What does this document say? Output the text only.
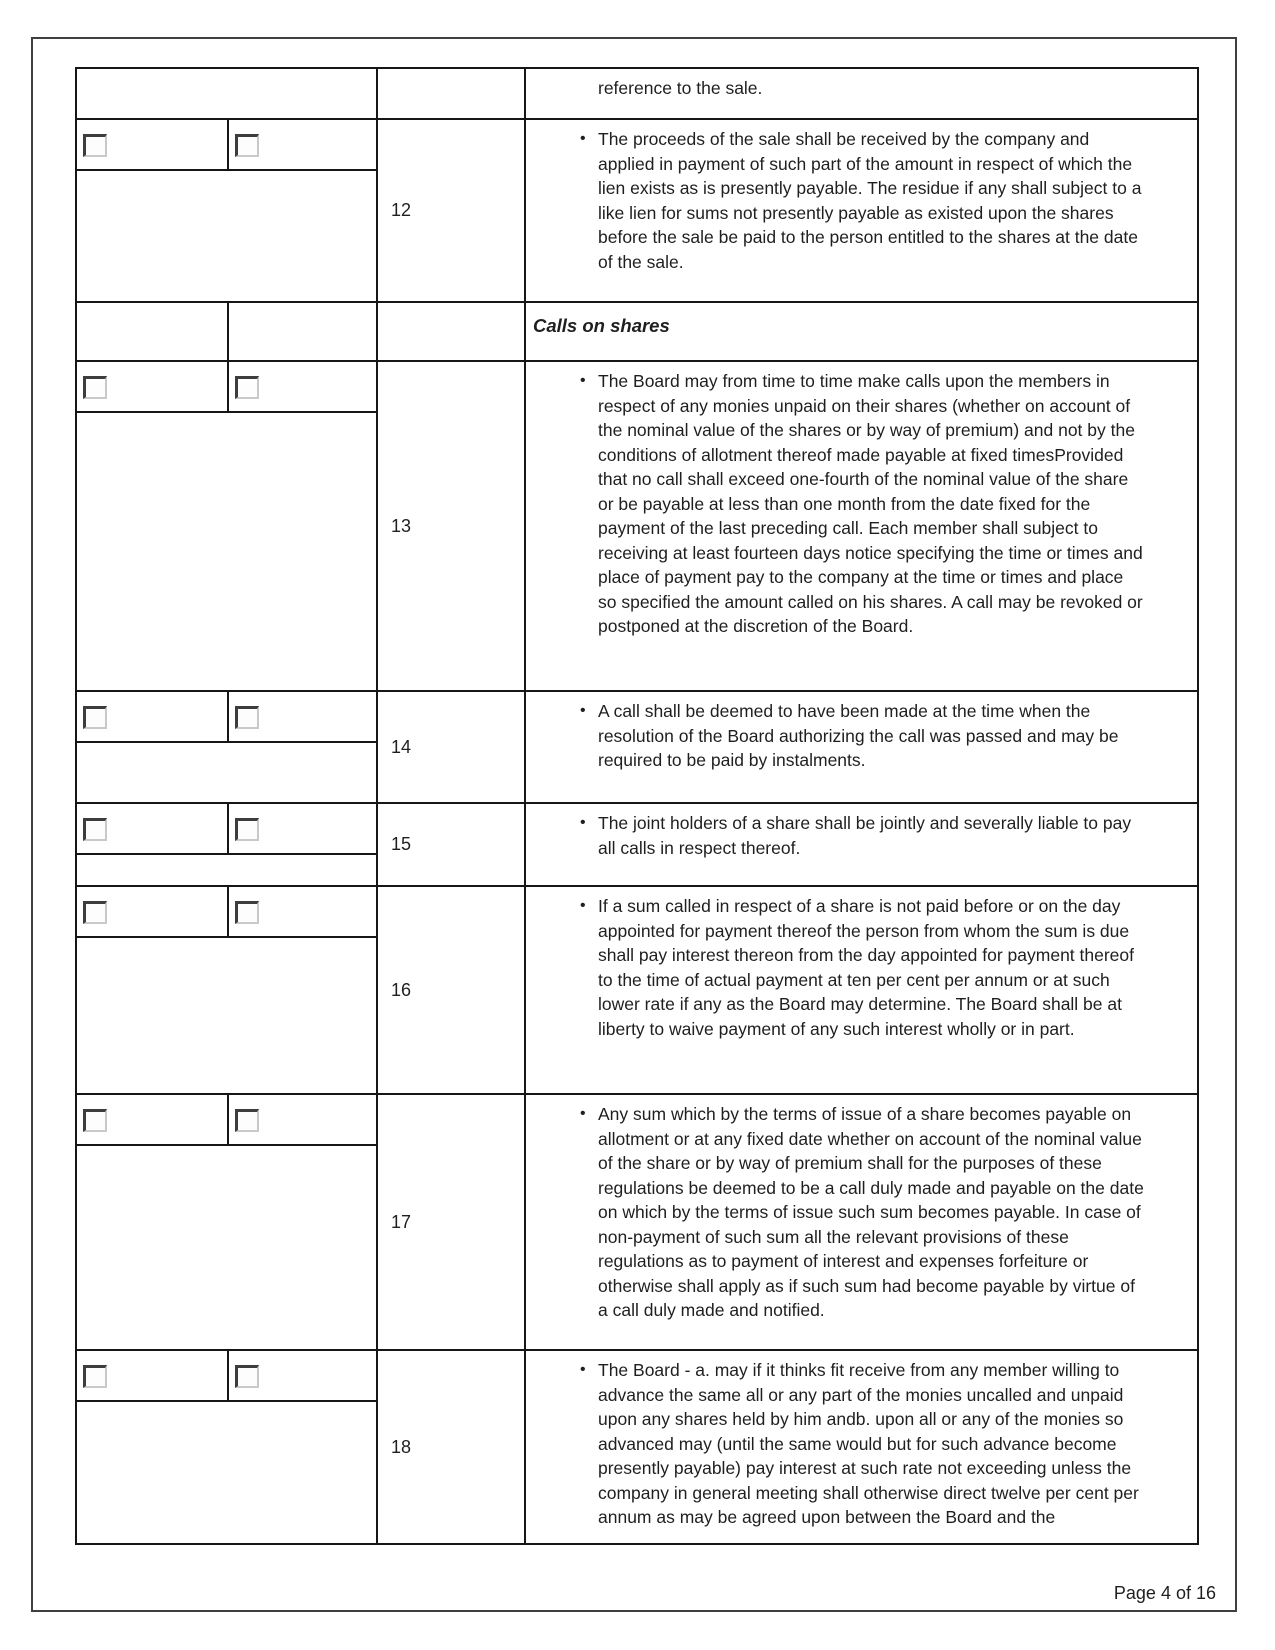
reference to the sale.
12
• The proceeds of the sale shall be received by the company and applied in payment of such part of the amount in respect of which the lien exists as is presently payable. The residue if any shall subject to a like lien for sums not presently payable as existed upon the shares before the sale be paid to the person entitled to the shares at the date of the sale.
Calls on shares
13
• The Board may from time to time make calls upon the members in respect of any monies unpaid on their shares (whether on account of the nominal value of the shares or by way of premium) and not by the conditions of allotment thereof made payable at fixed timesProvided that no call shall exceed one-fourth of the nominal value of the share or be payable at less than one month from the date fixed for the payment of the last preceding call. Each member shall subject to receiving at least fourteen days notice specifying the time or times and place of payment pay to the company at the time or times and place so specified the amount called on his shares. A call may be revoked or postponed at the discretion of the Board.
14
• A call shall be deemed to have been made at the time when the resolution of the Board authorizing the call was passed and may be required to be paid by instalments.
15
• The joint holders of a share shall be jointly and severally liable to pay all calls in respect thereof.
16
• If a sum called in respect of a share is not paid before or on the day appointed for payment thereof the person from whom the sum is due shall pay interest thereon from the day appointed for payment thereof to the time of actual payment at ten per cent per annum or at such lower rate if any as the Board may determine. The Board shall be at liberty to waive payment of any such interest wholly or in part.
17
• Any sum which by the terms of issue of a share becomes payable on allotment or at any fixed date whether on account of the nominal value of the share or by way of premium shall for the purposes of these regulations be deemed to be a call duly made and payable on the date on which by the terms of issue such sum becomes payable. In case of non-payment of such sum all the relevant provisions of these regulations as to payment of interest and expenses forfeiture or otherwise shall apply as if such sum had become payable by virtue of a call duly made and notified.
18
• The Board - a. may if it thinks fit receive from any member willing to advance the same all or any part of the monies uncalled and unpaid upon any shares held by him andb. upon all or any of the monies so advanced may (until the same would but for such advance become presently payable) pay interest at such rate not exceeding unless the company in general meeting shall otherwise direct twelve per cent per annum as may be agreed upon between the Board and the
Page 4 of 16
